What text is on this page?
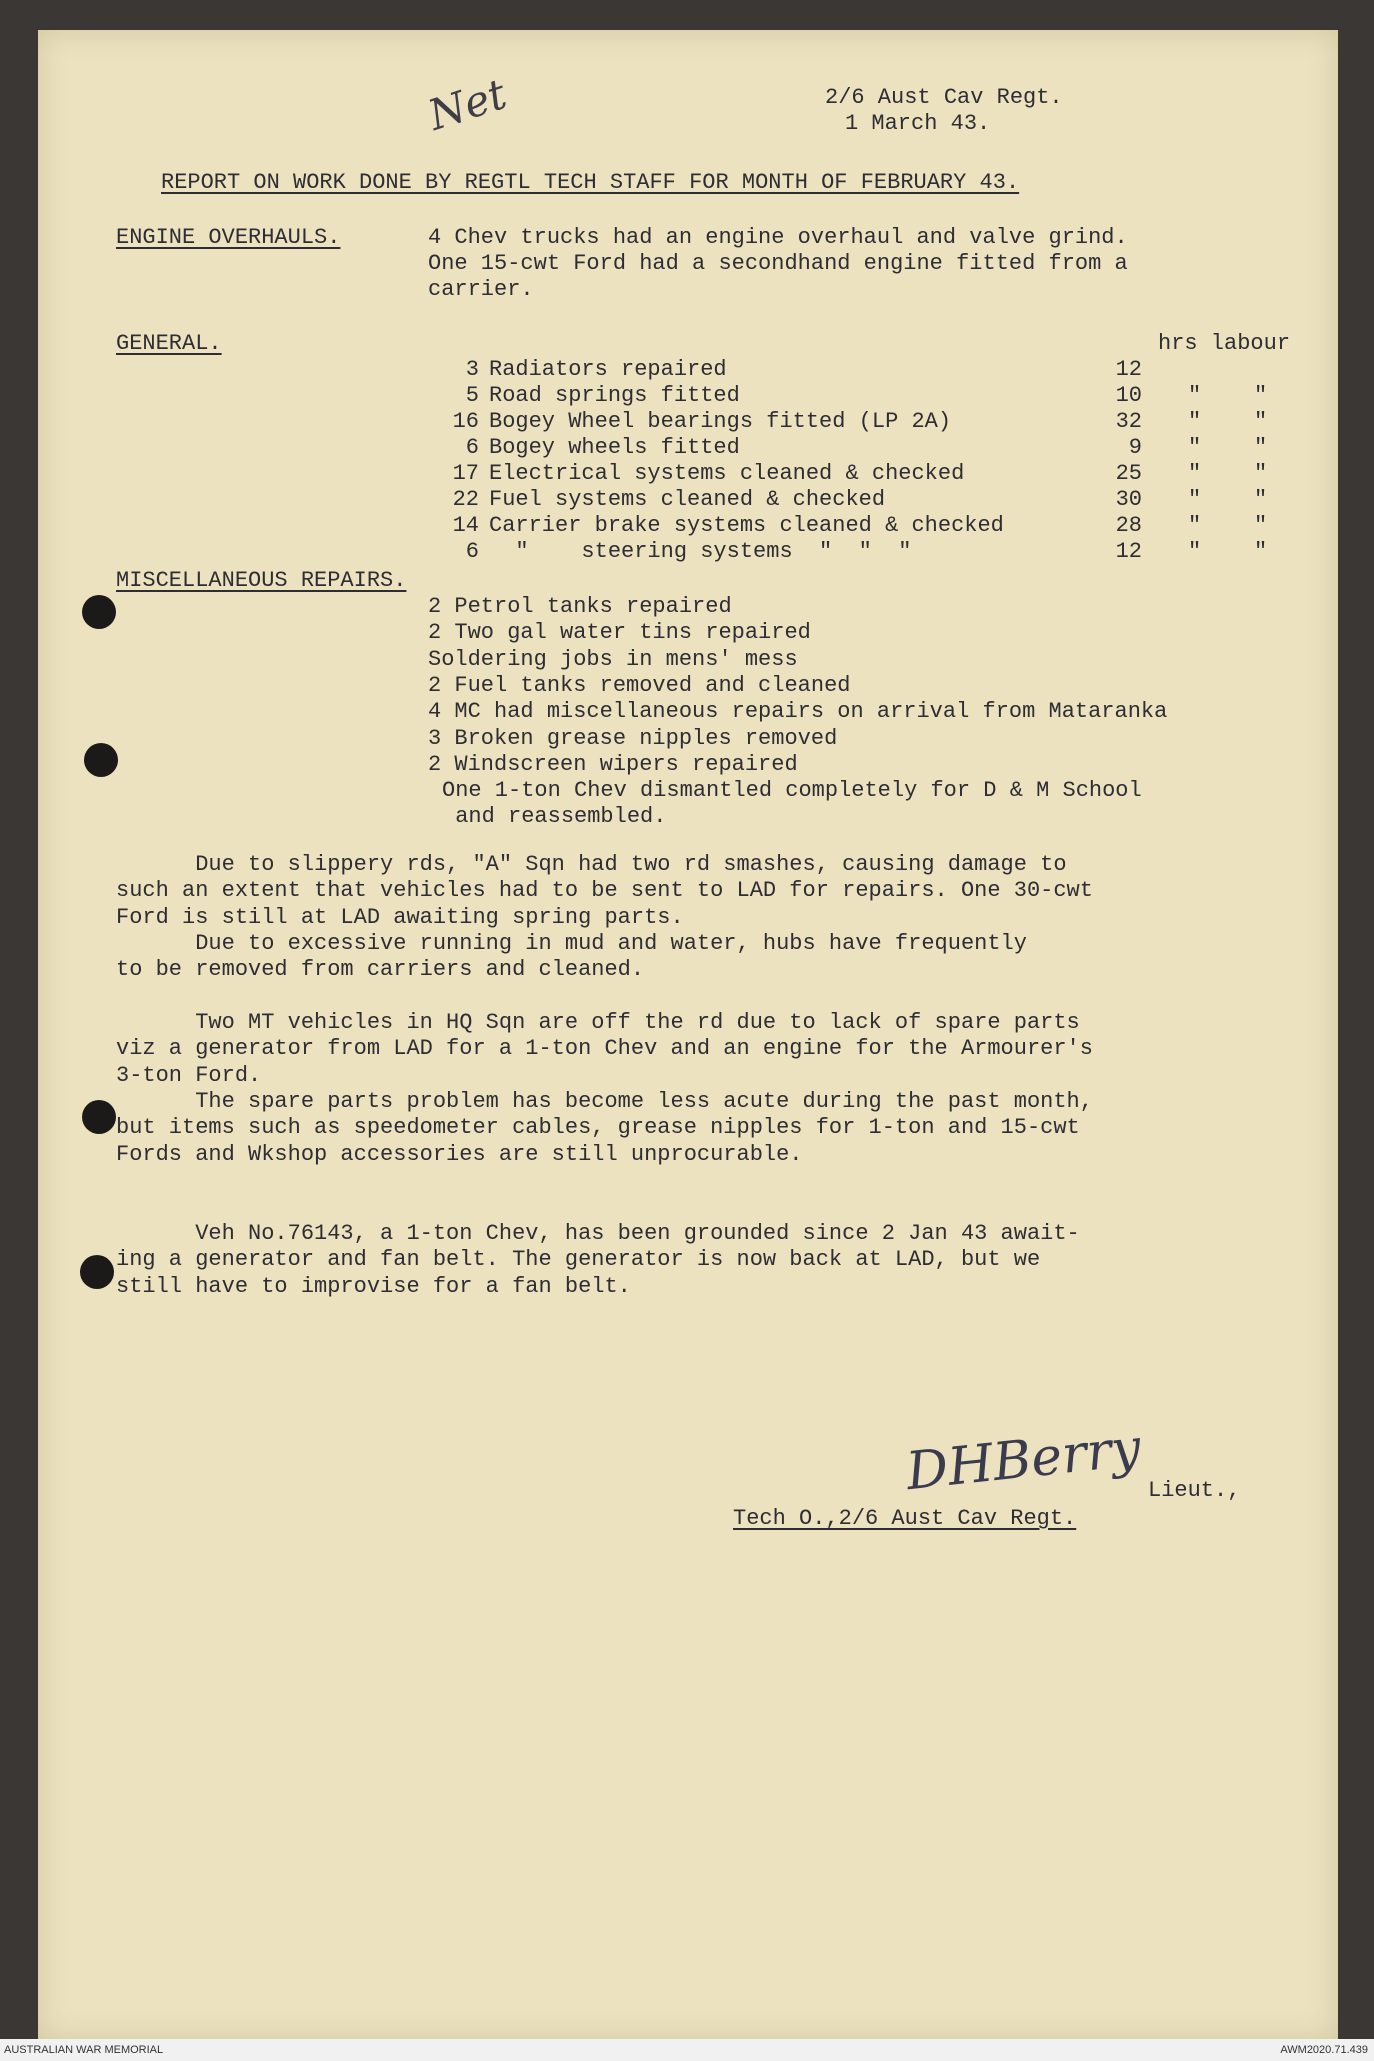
Net	2/6 Aust Cav Regt.
1 March 43.
REPORT ON WORK DONE BY REGTL TECH STAFF FOR MONTH OF FEBRUARY 43.
ENGINE OVERHAULS.	4 Chev trucks had an engine overhaul and valve grind.
One 15-cwt Ford had a secondhand engine fitted from a
carrier.
GENERAL.	hrs labour
3 Radiators repaired	12
5 Road springs fitted	10 "    "
16 Bogey Wheel bearings fitted (LP 2A)	32 "    "
6 Bogey wheels fitted	9 "    "
17 Electrical systems cleaned & checked	25 "    "
22 Fuel systems cleaned & checked	30 "    "
14 Carrier brake systems cleaned & checked	28 "    "
6 "    steering systems  "  "  "	12 "    "
MISCELLANEOUS REPAIRS.
2 Petrol tanks repaired
2 Two gal water tins repaired
Soldering jobs in mens' mess
2 Fuel tanks removed and cleaned
4 MC had miscellaneous repairs on arrival from Mataranka
3 Broken grease nipples removed
2 Windscreen wipers repaired
One 1-ton Chev dismantled completely for D & M School
and reassembled.
Due to slippery rds, "A" Sqn had two rd smashes, causing damage to
such an extent that vehicles had to be sent to LAD for repairs. One 30-cwt
Ford is still at LAD awaiting spring parts.
Due to excessive running in mud and water, hubs have frequently
to be removed from carriers and cleaned.
Two MT vehicles in HQ Sqn are off the rd due to lack of spare parts
viz a generator from LAD for a 1-ton Chev and an engine for the Armourer's
3-ton Ford.
The spare parts problem has become less acute during the past month,
but items such as speedometer cables, grease nipples for 1-ton and 15-cwt
Fords and Wkshop accessories are still unprocurable.
Veh No.76143, a 1-ton Chev, has been grounded since 2 Jan 43 await-
ing a generator and fan belt. The generator is now back at LAD, but we
still have to improvise for a fan belt.
DHBerry Lieut.,
Tech O.,2/6 Aust Cav Regt.
AUSTRALIAN WAR MEMORIAL	AWM2020.71.439
